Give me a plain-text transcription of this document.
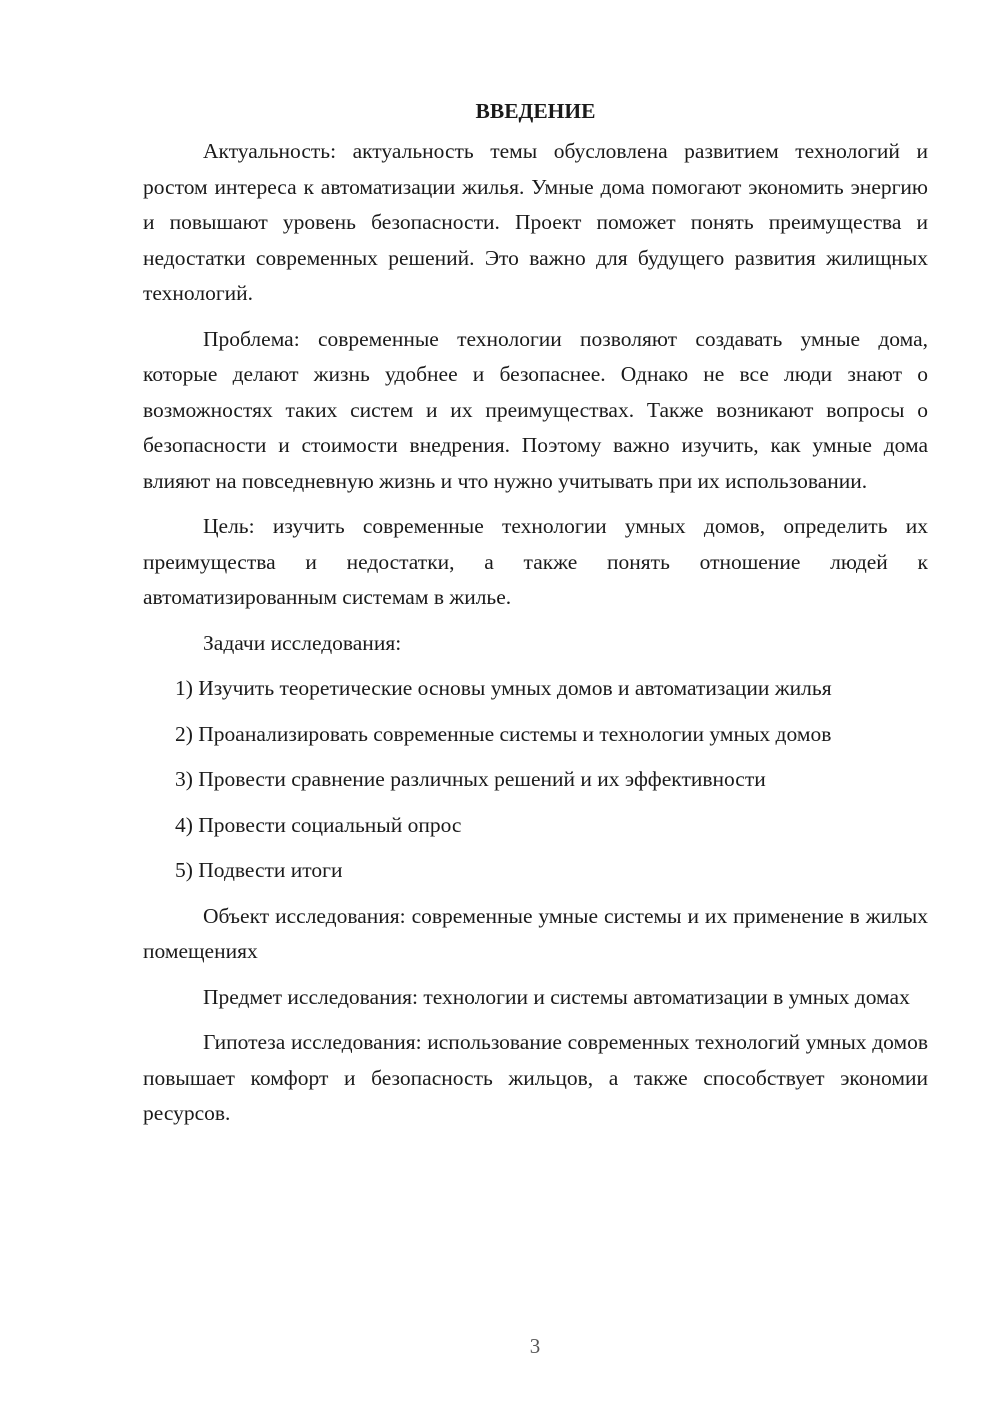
ВВЕДЕНИЕ

Актуальность: актуальность темы обусловлена развитием технологий и ростом интереса к автоматизации жилья. Умные дома помогают экономить энергию и повышают уровень безопасности. Проект поможет понять преимущества и недостатки современных решений. Это важно для будущего развития жилищных технологий.

Проблема: современные технологии позволяют создавать умные дома, которые делают жизнь удобнее и безопаснее. Однако не все люди знают о возможностях таких систем и их преимуществах. Также возникают вопросы о безопасности и стоимости внедрения. Поэтому важно изучить, как умные дома влияют на повседневную жизнь и что нужно учитывать при их использовании.

Цель: изучить современные технологии умных домов, определить их преимущества и недостатки, а также понять отношение людей к автоматизированным системам в жилье.

Задачи исследования:

1) Изучить теоретические основы умных домов и автоматизации жилья

2) Проанализировать современные системы и технологии умных домов

3) Провести сравнение различных решений и их эффективности

4) Провести социальный опрос

5) Подвести итоги

Объект исследования: современные умные системы и их применение в жилых помещениях

Предмет исследования: технологии и системы автоматизации в умных домах

Гипотеза исследования: использование современных технологий умных домов повышает комфорт и безопасность жильцов, а также способствует экономии ресурсов.

3
